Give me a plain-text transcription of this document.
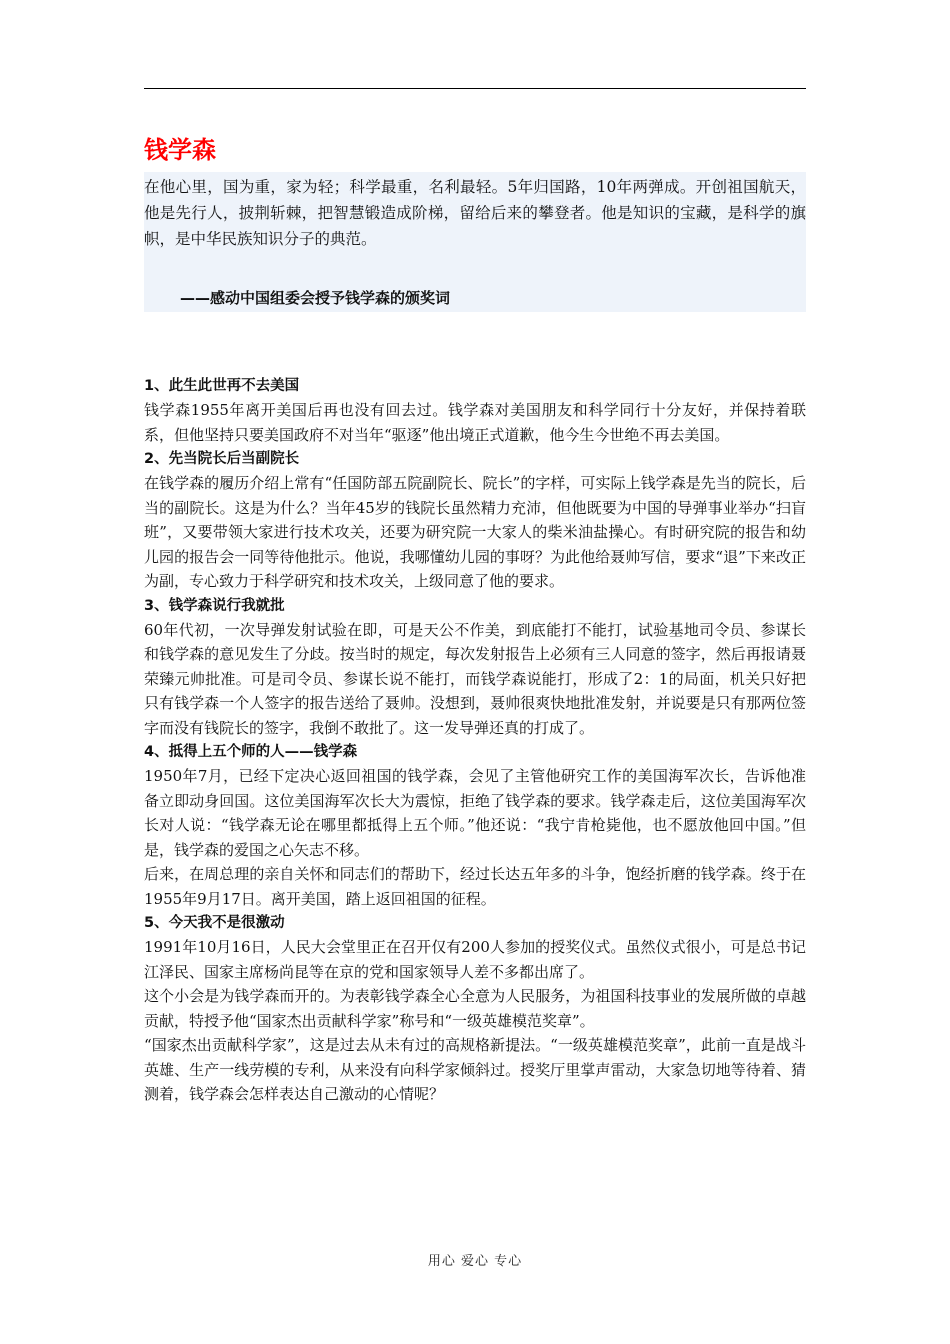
钱学森

在他心里，国为重，家为轻；科学最重，名利最轻。5年归国路，10年两弹成。开创祖国航天，他是先行人，披荆斩棘，把智慧锻造成阶梯，留给后来的攀登者。他是知识的宝藏，是科学的旗帜，是中华民族知识分子的典范。

——感动中国组委会授予钱学森的颁奖词

1、此生此世再不去美国

钱学森1955年离开美国后再也没有回去过。钱学森对美国朋友和科学同行十分友好，并保持着联系，但他坚持只要美国政府不对当年“驱逐”他出境正式道歉，他今生今世绝不再去美国。

2、先当院长后当副院长

在钱学森的履历介绍上常有“任国防部五院副院长、院长”的字样，可实际上钱学森是先当的院长，后当的副院长。这是为什么？当年45岁的钱院长虽然精力充沛，但他既要为中国的导弹事业举办“扫盲班”，又要带领大家进行技术攻关，还要为研究院一大家人的柴米油盐操心。有时研究院的报告和幼儿园的报告会一同等待他批示。他说，我哪懂幼儿园的事呀？为此他给聂帅写信，要求“退”下来改正为副，专心致力于科学研究和技术攻关，上级同意了他的要求。

3、钱学森说行我就批

60年代初，一次导弹发射试验在即，可是天公不作美，到底能打不能打，试验基地司令员、参谋长和钱学森的意见发生了分歧。按当时的规定，每次发射报告上必须有三人同意的签字，然后再报请聂荣臻元帅批准。可是司令员、参谋长说不能打，而钱学森说能打，形成了2：1的局面，机关只好把只有钱学森一个人签字的报告送给了聂帅。没想到，聂帅很爽快地批准发射，并说要是只有那两位签字而没有钱院长的签字，我倒不敢批了。这一发导弹还真的打成了。

4、抵得上五个师的人——钱学森

1950年7月，已经下定决心返回祖国的钱学森，会见了主管他研究工作的美国海军次长，告诉他准备立即动身回国。这位美国海军次长大为震惊，拒绝了钱学森的要求。钱学森走后，这位美国海军次长对人说：“钱学森无论在哪里都抵得上五个师。”他还说：“我宁肯枪毙他，也不愿放他回中国。”但是，钱学森的爱国之心矢志不移。

后来，在周总理的亲自关怀和同志们的帮助下，经过长达五年多的斗争，饱经折磨的钱学森。终于在1955年9月17日。离开美国，踏上返回祖国的征程。

5、今天我不是很激动

1991年10月16日，人民大会堂里正在召开仅有200人参加的授奖仪式。虽然仪式很小，可是总书记江泽民、国家主席杨尚昆等在京的党和国家领导人差不多都出席了。

这个小会是为钱学森而开的。为表彰钱学森全心全意为人民服务，为祖国科技事业的发展所做的卓越贡献，特授予他“国家杰出贡献科学家”称号和“一级英雄模范奖章”。

“国家杰出贡献科学家”，这是过去从未有过的高规格新提法。“一级英雄模范奖章”，此前一直是战斗英雄、生产一线劳模的专利，从来没有向科学家倾斜过。授奖厅里掌声雷动，大家急切地等待着、猜测着，钱学森会怎样表达自己激动的心情呢？

用心 爱心 专心
